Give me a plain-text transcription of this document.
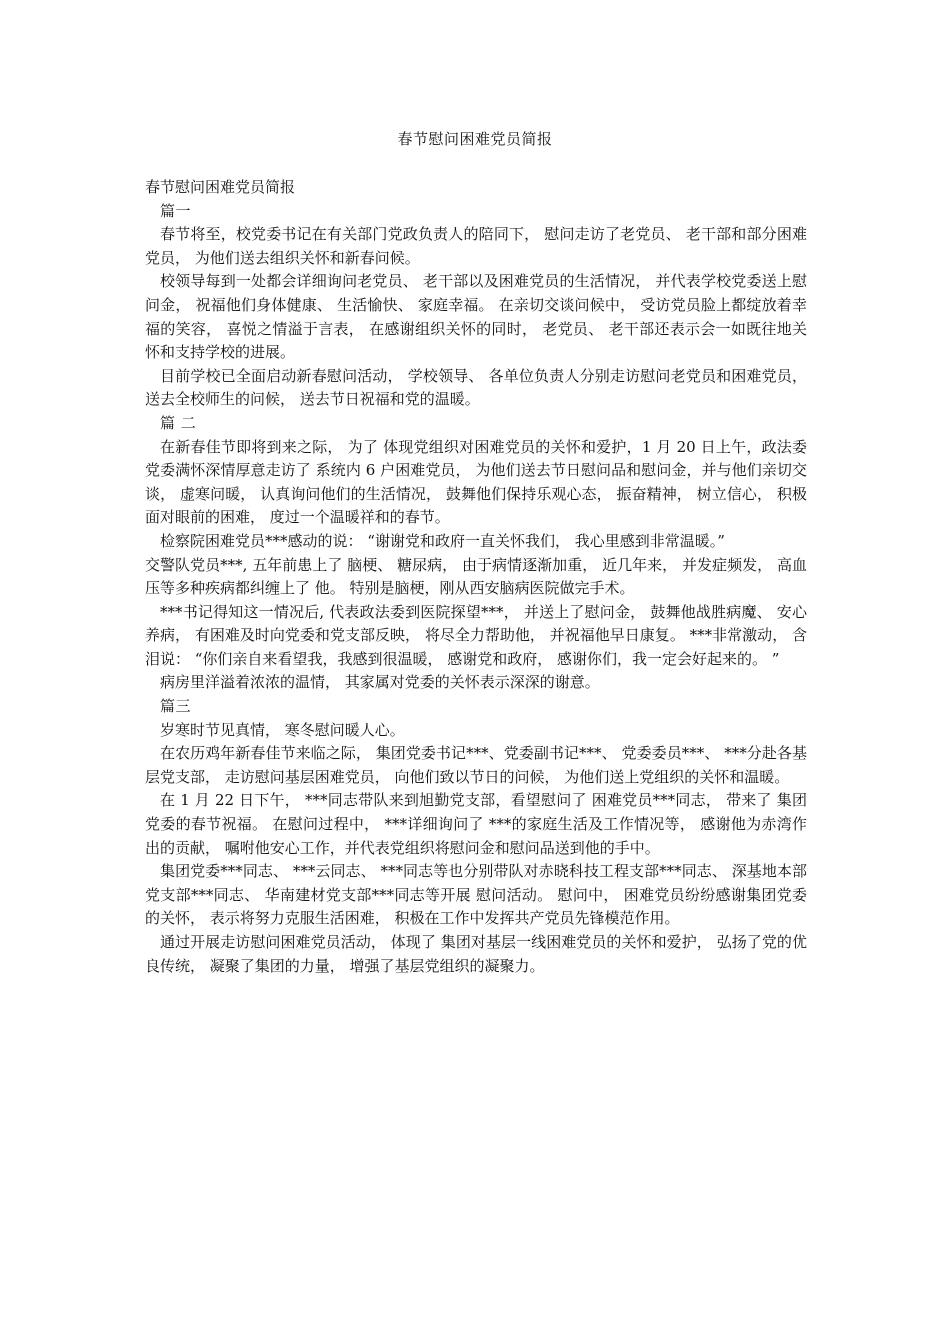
春节慰问困难党员简报

春节慰问困难党员简报

篇一

春节将至，校党委书记在有关部门党政负责人的陪同下， 慰问走访了老党员、 老干部和部分困难党员， 为他们送去组织关怀和新春问候。

校领导每到一处都会详细询问老党员、 老干部以及困难党员的生活情况， 并代表学校党委送上慰问金， 祝福他们身体健康、 生活愉快、 家庭幸福。 在亲切交谈问候中， 受访党员脸上都绽放着幸福的笑容， 喜悦之情溢于言表， 在感谢组织关怀的同时， 老党员、 老干部还表示会一如既往地关怀和支持学校的进展。

目前学校已全面启动新春慰问活动， 学校领导、 各单位负责人分别走访慰问老党员和困难党员， 送去全校师生的问候， 送去节日祝福和党的温暖。

篇 二

在新春佳节即将到来之际， 为了 体现党组织对困难党员的关怀和爱护，1 月 20 日上午，政法委党委满怀深情厚意走访了 系统内 6 户困难党员， 为他们送去节日慰问品和慰问金，并与他们亲切交谈， 虚寒问暖， 认真询问他们的生活情况， 鼓舞他们保持乐观心态， 振奋精神， 树立信心， 积极面对眼前的困难， 度过一个温暖祥和的春节。

检察院困难党员***感动的说： “谢谢党和政府一直关怀我们， 我心里感到非常温暖。”

交警队党员***, 五年前患上了 脑梗、 糖尿病， 由于病情逐渐加重， 近几年来， 并发症频发， 高血压等多种疾病都纠缠上了 他。 特别是脑梗，刚从西安脑病医院做完手术。

***书记得知这一情况后, 代表政法委到医院探望***， 并送上了慰问金， 鼓舞他战胜病魔、 安心养病， 有困难及时向党委和党支部反映， 将尽全力帮助他， 并祝福他早日康复。 ***非常激动， 含泪说： “你们亲自来看望我，我感到很温暖， 感谢党和政府， 感谢你们，我一定会好起来的。 ”

病房里洋溢着浓浓的温情， 其家属对党委的关怀表示深深的谢意。

篇三

岁寒时节见真情， 寒冬慰问暖人心。

在农历鸡年新春佳节来临之际， 集团党委书记***、党委副书记***、 党委委员***、 ***分赴各基层党支部， 走访慰问基层困难党员， 向他们致以节日的问候， 为他们送上党组织的关怀和温暖。

在 1 月 22 日下午， ***同志带队来到旭勤党支部，看望慰问了 困难党员***同志， 带来了 集团党委的春节祝福。 在慰问过程中， ***详细询问了 ***的家庭生活及工作情况等， 感谢他为赤湾作出的贡献， 嘱咐他安心工作，并代表党组织将慰问金和慰问品送到他的手中。

集团党委***同志、 ***云同志、 ***同志等也分别带队对赤晓科技工程支部***同志、 深基地本部党支部***同志、 华南建材党支部***同志等开展 慰问活动。 慰问中， 困难党员纷纷感谢集团党委的关怀， 表示将努力克服生活困难， 积极在工作中发挥共产党员先锋模范作用。

通过开展走访慰问困难党员活动， 体现了 集团对基层一线困难党员的关怀和爱护， 弘扬了党的优良传统， 凝聚了集团的力量， 增强了基层党组织的凝聚力。
